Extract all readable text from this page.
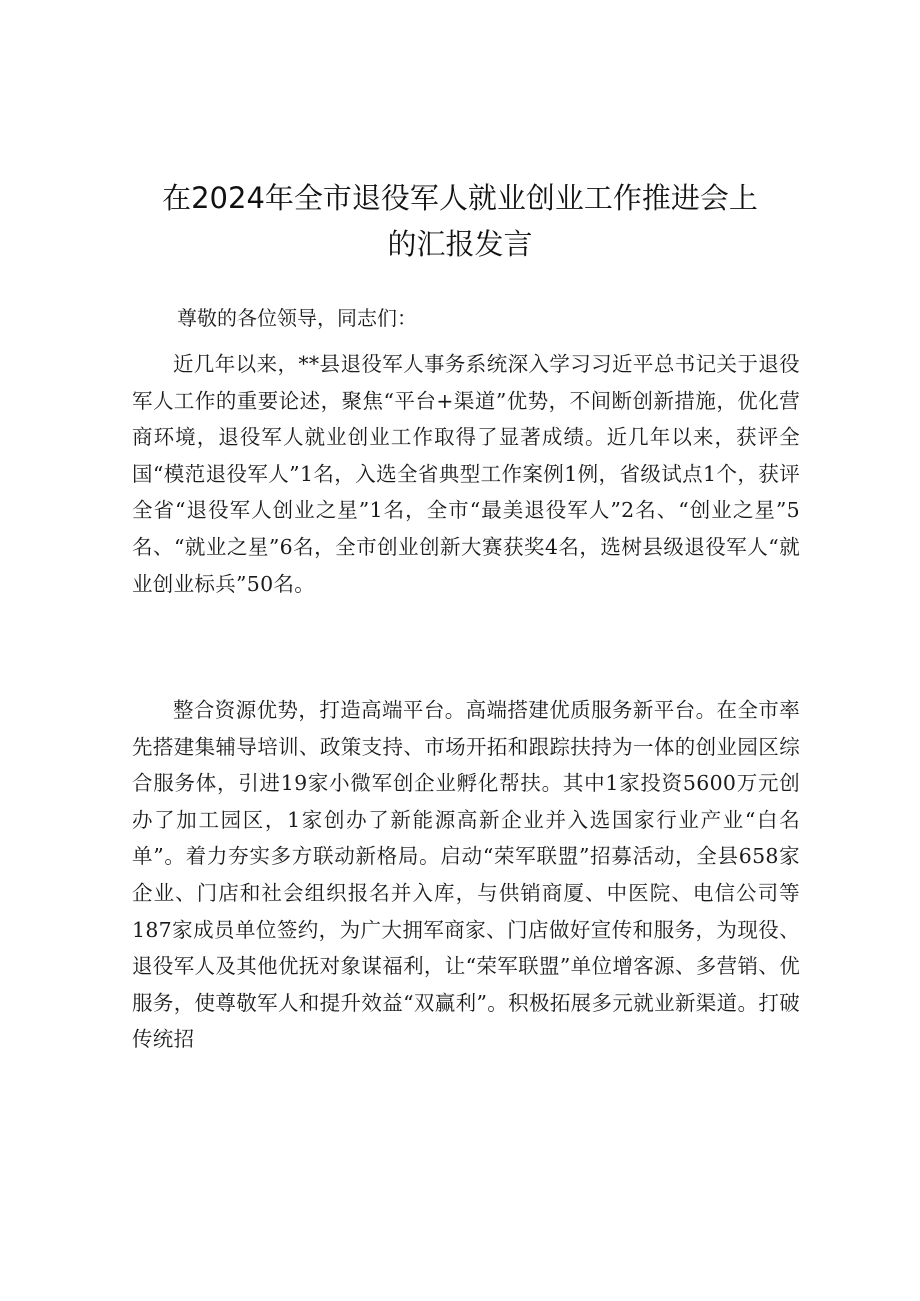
在2024年全市退役军人就业创业工作推进会上
的汇报发言

尊敬的各位领导，同志们：

近几年以来，**县退役军人事务系统深入学习习近平总书记关于退役军人工作的重要论述，聚焦“平台+渠道”优势，不间断创新措施，优化营商环境，退役军人就业创业工作取得了显著成绩。近几年以来，获评全国“模范退役军人”1名，入选全省典型工作案例1例，省级试点1个，获评全省“退役军人创业之星”1名，全市“最美退役军人”2名、“创业之星”5名、“就业之星”6名，全市创业创新大赛获奖4名，选树县级退役军人“就业创业标兵”50名。

整合资源优势，打造高端平台。高端搭建优质服务新平台。在全市率先搭建集辅导培训、政策支持、市场开拓和跟踪扶持为一体的创业园区综合服务体，引进19家小微军创企业孵化帮扶。其中1家投资5600万元创办了加工园区，1家创办了新能源高新企业并入选国家行业产业“白名单”。着力夯实多方联动新格局。启动“荣军联盟”招募活动，全县658家企业、门店和社会组织报名并入库，与供销商厦、中医院、电信公司等187家成员单位签约，为广大拥军商家、门店做好宣传和服务，为现役、退役军人及其他优抚对象谋福利，让“荣军联盟”单位增客源、多营销、优服务，使尊敬军人和提升效益“双赢利”。积极拓展多元就业新渠道。打破传统招
